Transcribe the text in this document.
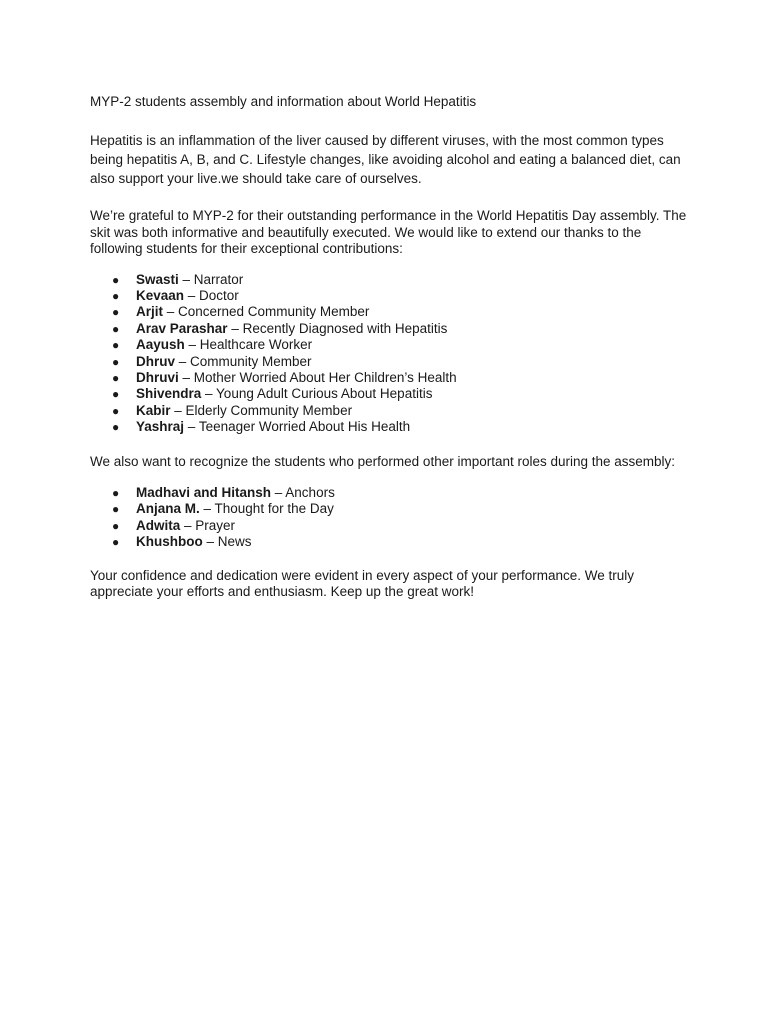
MYP-2 students assembly and information about World Hepatitis

Hepatitis is an inflammation of the liver caused by different viruses, with the most common types being hepatitis A, B, and C. Lifestyle changes, like avoiding alcohol and eating a balanced diet, can also support your live.we should take care of ourselves.

We’re grateful to MYP-2 for their outstanding performance in the World Hepatitis Day assembly. The skit was both informative and beautifully executed. We would like to extend our thanks to the following students for their exceptional contributions:

● Swasti – Narrator
● Kevaan – Doctor
● Arjit – Concerned Community Member
● Arav Parashar – Recently Diagnosed with Hepatitis
● Aayush – Healthcare Worker
● Dhruv – Community Member
● Dhruvi – Mother Worried About Her Children’s Health
● Shivendra – Young Adult Curious About Hepatitis
● Kabir – Elderly Community Member
● Yashraj – Teenager Worried About His Health

We also want to recognize the students who performed other important roles during the assembly:

● Madhavi and Hitansh – Anchors
● Anjana M. – Thought for the Day
● Adwita – Prayer
● Khushboo – News

Your confidence and dedication were evident in every aspect of your performance. We truly appreciate your efforts and enthusiasm. Keep up the great work!
